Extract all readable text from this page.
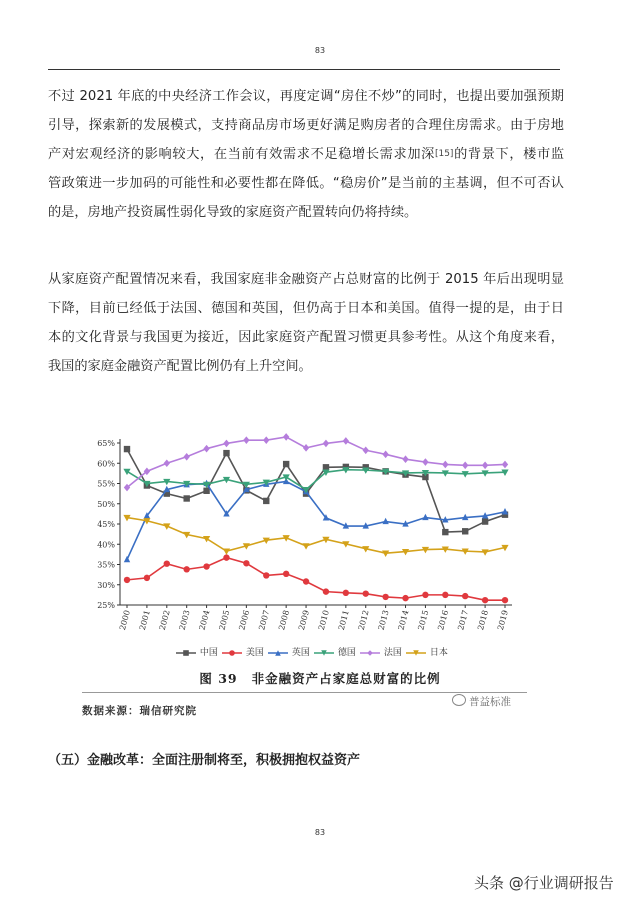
83
不过 2021 年底的中央经济工作会议，再度定调“房住不炒”的同时，也提出要加强预期
引导，探索新的发展模式，支持商品房市场更好满足购房者的合理住房需求。由于房地
产对宏观经济的影响较大，在当前有效需求不足稳增长需求加深[15]的背景下，楼市监
管政策进一步加码的可能性和必要性都在降低。“稳房价”是当前的主基调，但不可否认
的是，房地产投资属性弱化导致的家庭资产配置转向仍将持续。
从家庭资产配置情况来看，我国家庭非金融资产占总财富的比例于 2015 年后出现明显
下降，目前已经低于法国、德国和英国，但仍高于日本和美国。值得一提的是，由于日
本的文化背景与我国更为接近，因此家庭资产配置习惯更具参考性。从这个角度来看，
我国的家庭金融资产配置比例仍有上升空间。
25%
30%
35%
40%
45%
50%
55%
60%
65%
2000 2001 2002 2003 2004 2005 2006 2007 2008 2009 2010 2011 2012 2013 2014 2015 2016 2017 2018 2019
中国	美国	英国	德国	法国	日本
图 39 非金融资产占家庭总财富的比例
数据来源：瑞信研究院
普益标准
（五）金融改革：全面注册制将至，积极拥抱权益资产
83
头条 @行业调研报告
